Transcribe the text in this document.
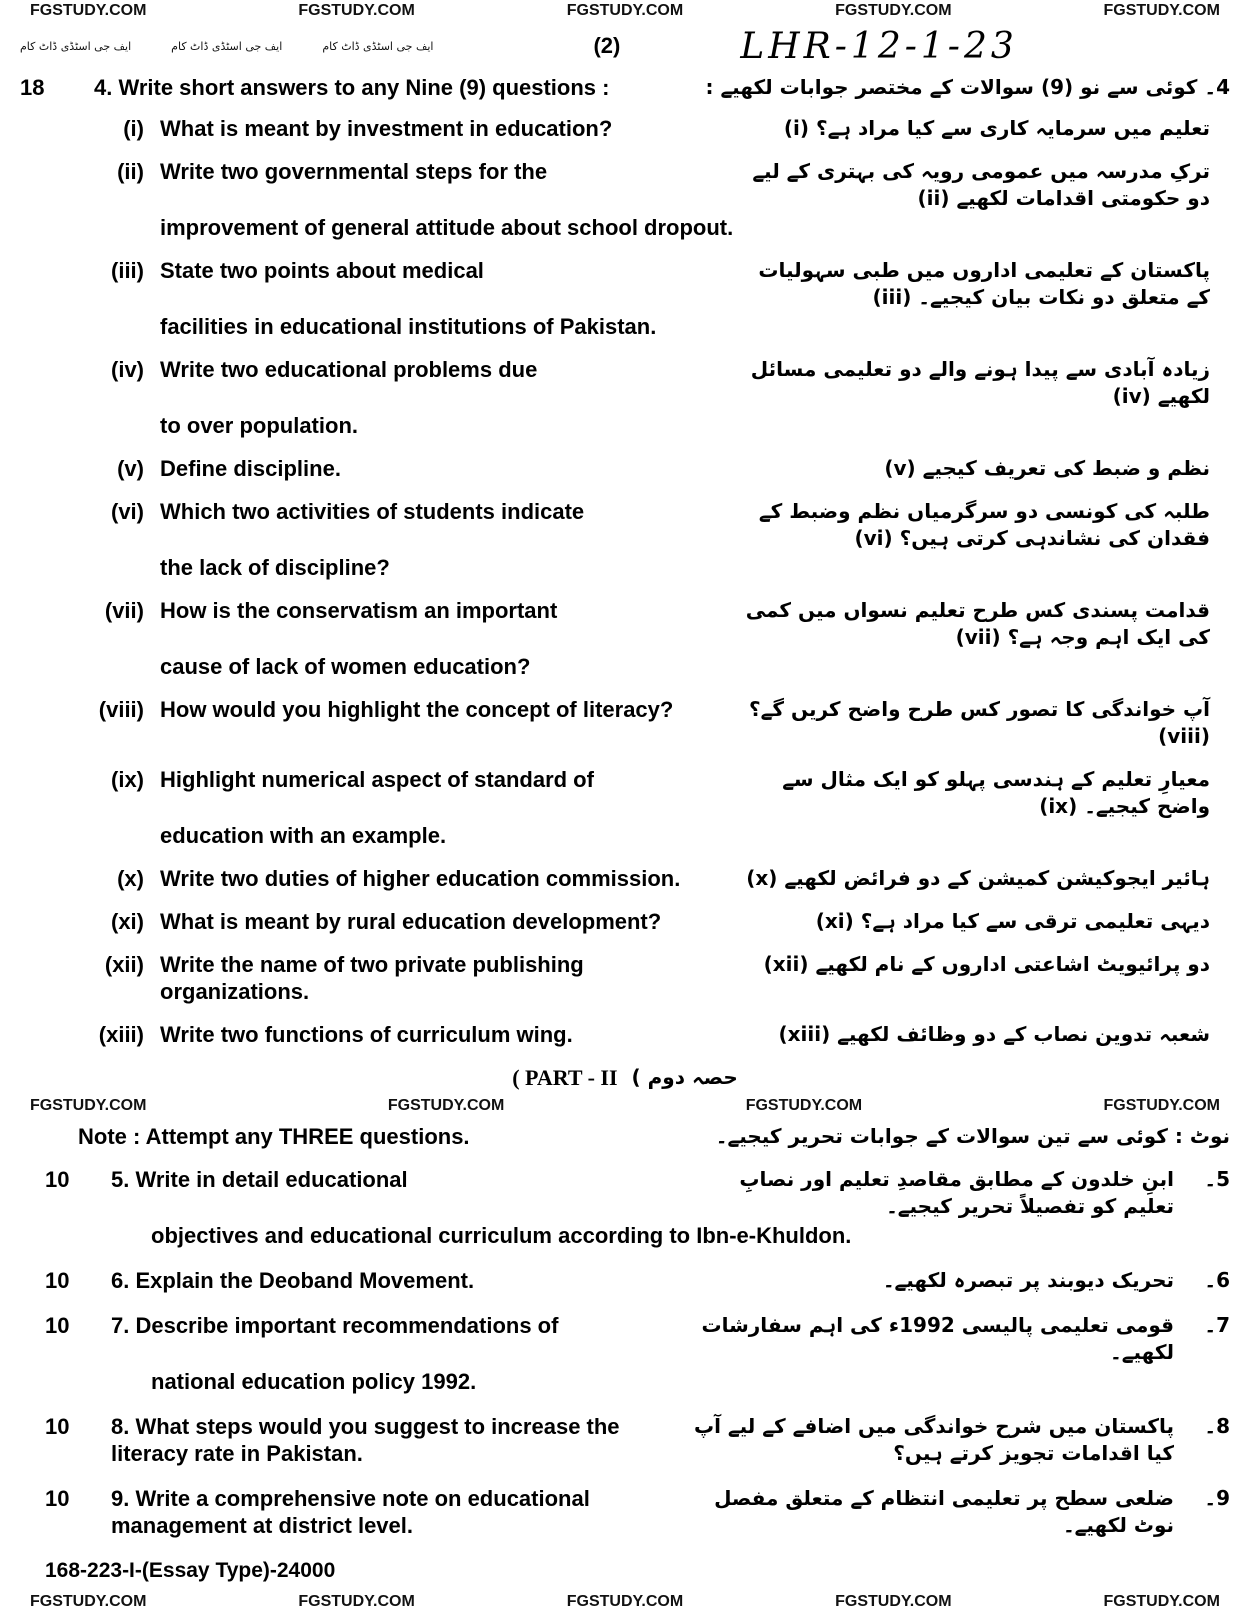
FGSTUDY.COM	FGSTUDY.COM	FGSTUDY.COM	FGSTUDY.COM	FGSTUDY.COM
ایف جی اسٹڈی ڈاٹ کام	ایف جی اسٹڈی ڈاٹ کام	ایف جی اسٹڈی ڈاٹ کام	(2)	LHR-12-1-23
18	4. Write short answers to any Nine (9) questions :	4۔ کوئی سے نو (9) سوالات کے مختصر جوابات لکھیے :
(i) What is meant by investment in education?	تعلیم میں سرمایہ کاری سے کیا مراد ہے؟ (i)
(ii) Write two governmental steps for the	ترکِ مدرسہ میں عمومی رویہ کی بہتری کے لیے دو حکومتی اقدامات لکھیے (ii)
improvement of general attitude about school dropout.
(iii) State two points about medical	پاکستان کے تعلیمی اداروں میں طبی سہولیات کے متعلق دو نکات بیان کیجیے۔ (iii)
facilities in educational institutions of Pakistan.
(iv) Write two educational problems due	زیادہ آبادی سے پیدا ہونے والے دو تعلیمی مسائل لکھیے (iv)
to over population.
(v) Define discipline.	نظم و ضبط کی تعریف کیجیے (v)
(vi) Which two activities of students indicate	طلبہ کی کونسی دو سرگرمیاں نظم وضبط کے فقدان کی نشاندہی کرتی ہیں؟ (vi)
the lack of discipline?
(vii) How is the conservatism an important	قدامت پسندی کس طرح تعلیم نسواں میں کمی کی ایک اہم وجہ ہے؟ (vii)
cause of lack of women education?
(viii) How would you highlight the concept of literacy?	آپ خواندگی کا تصور کس طرح واضح کریں گے؟ (viii)
(ix) Highlight numerical aspect of standard of	معیارِ تعلیم کے ہندسی پہلو کو ایک مثال سے واضح کیجیے۔ (ix)
education with an example.
(x) Write two duties of higher education commission.	ہائیر ایجوکیشن کمیشن کے دو فرائض لکھیے (x)
(xi) What is meant by rural education development?	دیہی تعلیمی ترقی سے کیا مراد ہے؟ (xi)
(xii) Write the name of two private publishing organizations.
دو پرائیویٹ اشاعتی اداروں کے نام لکھیے (xii)
(xiii) Write two functions of curriculum wing.	شعبہ تدوین نصاب کے دو وظائف لکھیے (xiii)
( PART - II حصہ دوم )
FGSTUDY.COM	FGSTUDY.COM	FGSTUDY.COM	FGSTUDY.COM
Note : Attempt any THREE questions.	نوٹ : کوئی سے تین سوالات کے جوابات تحریر کیجیے۔
10	5. Write in detail educational	ابنِ خلدون کے مطابق مقاصدِ تعلیم اور نصابِ تعلیم کو تفصیلاً تحریر کیجیے۔
5۔
objectives and educational curriculum according to Ibn-e-Khuldon.
10	6. Explain the Deoband Movement.	تحریک دیوبند پر تبصرہ لکھیے۔	6۔
10	7. Describe important recommendations of	قومی تعلیمی پالیسی 1992ء کی اہم سفارشات لکھیے۔
7۔
national education policy 1992.
10	8. What steps would you suggest to increase the literacy rate in Pakistan.
پاکستان میں شرح خواندگی میں اضافے کے لیے آپ کیا اقدامات تجویز کرتے ہیں؟
8۔
10	9. Write a comprehensive note on educational management at district level.
ضلعی سطح پر تعلیمی انتظام کے متعلق مفصل نوٹ لکھیے۔
9۔
168-223-I-(Essay Type)-24000
FGSTUDY.COM	FGSTUDY.COM	FGSTUDY.COM	FGSTUDY.COM	FGSTUDY.COM
